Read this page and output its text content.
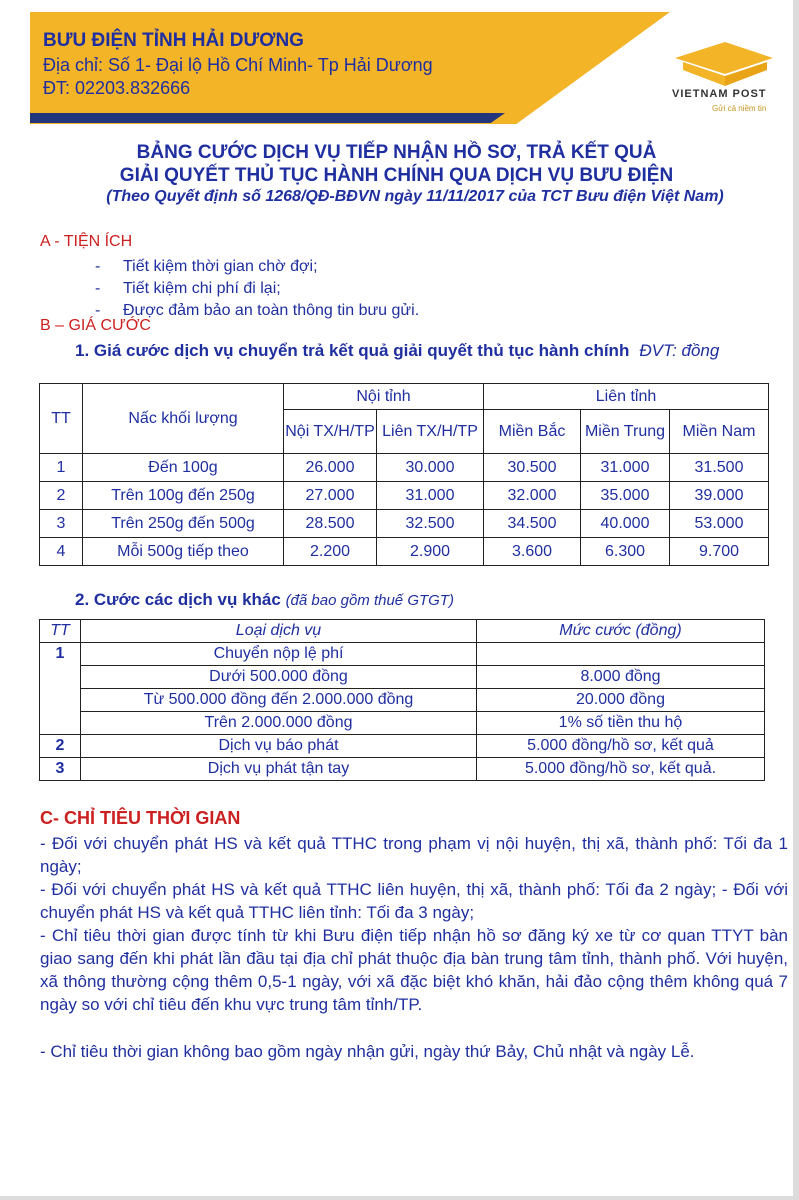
BƯU ĐIỆN TỈNH HẢI DƯƠNG
Địa chỉ: Số 1- Đại lộ Hồ Chí Minh- Tp Hải Dương
ĐT: 02203.832666	VIETNAM POST
Gửi cả niềm tin
BẢNG CƯỚC DỊCH VỤ TIẾP NHẬN HỒ SƠ, TRẢ KẾT QUẢ
GIẢI QUYẾT THỦ TỤC HÀNH CHÍNH QUA DỊCH VỤ BƯU ĐIỆN
(Theo Quyết định số 1268/QĐ-BĐVN ngày 11/11/2017 của TCT Bưu điện Việt Nam)
A - TIỆN ÍCH
- Tiết kiệm thời gian chờ đợi;
- Tiết kiệm chi phí đi lại;
- Được đảm bảo an toàn thông tin bưu gửi.
B – GIÁ CƯỚC
1. Giá cước dịch vụ chuyển trả kết quả giải quyết thủ tục hành chính ĐVT: đồng
TT	Nấc khối lượng	Nội tỉnh		Liên tỉnh		
		Nội TX/H/TP	Liên TX/H/TP	Miền Bắc	Miền Trung	Miền Nam
1	Đến 100g	26.000	30.000	30.500	31.000	31.500
2	Trên 100g đến 250g	27.000	31.000	32.000	35.000	39.000
3	Trên 250g đến 500g	28.500	32.500	34.500	40.000	53.000
4	Mỗi 500g tiếp theo	2.200	2.900	3.600	6.300	9.700
2. Cước các dịch vụ khác (đã bao gồm thuế GTGT)
TT	Loại dịch vụ	Mức cước (đồng)
1	Chuyển nộp lệ phí	
	Dưới 500.000 đồng	8.000 đồng
	Từ 500.000 đồng đến 2.000.000 đồng	20.000 đồng
	Trên 2.000.000 đồng	1% số tiền thu hộ
2	Dịch vụ báo phát	5.000 đồng/hồ sơ, kết quả
3	Dịch vụ phát tận tay	5.000 đồng/hồ sơ, kết quả.
C- CHỈ TIÊU THỜI GIAN
- Đối với chuyển phát HS và kết quả TTHC trong phạm vị nội huyện, thị xã, thành phố: Tối đa 1 ngày;
- Đối với chuyển phát HS và kết quả TTHC liên huyện, thị xã, thành phố: Tối đa 2 ngày; - Đối với chuyển phát HS và kết quả TTHC liên tỉnh: Tối đa 3 ngày;
- Chỉ tiêu thời gian được tính từ khi Bưu điện tiếp nhận hồ sơ đăng ký xe từ cơ quan TTYT bàn giao sang đến khi phát lần đầu tại địa chỉ phát thuộc địa bàn trung tâm tỉnh, thành phố. Với huyện, xã thông thường cộng thêm 0,5-1 ngày, với xã đặc biệt khó khăn, hải đảo cộng thêm không quá 7 ngày so với chỉ tiêu đến khu vực trung tâm tỉnh/TP.
- Chỉ tiêu thời gian không bao gồm ngày nhận gửi, ngày thứ Bảy, Chủ nhật và ngày Lễ.
